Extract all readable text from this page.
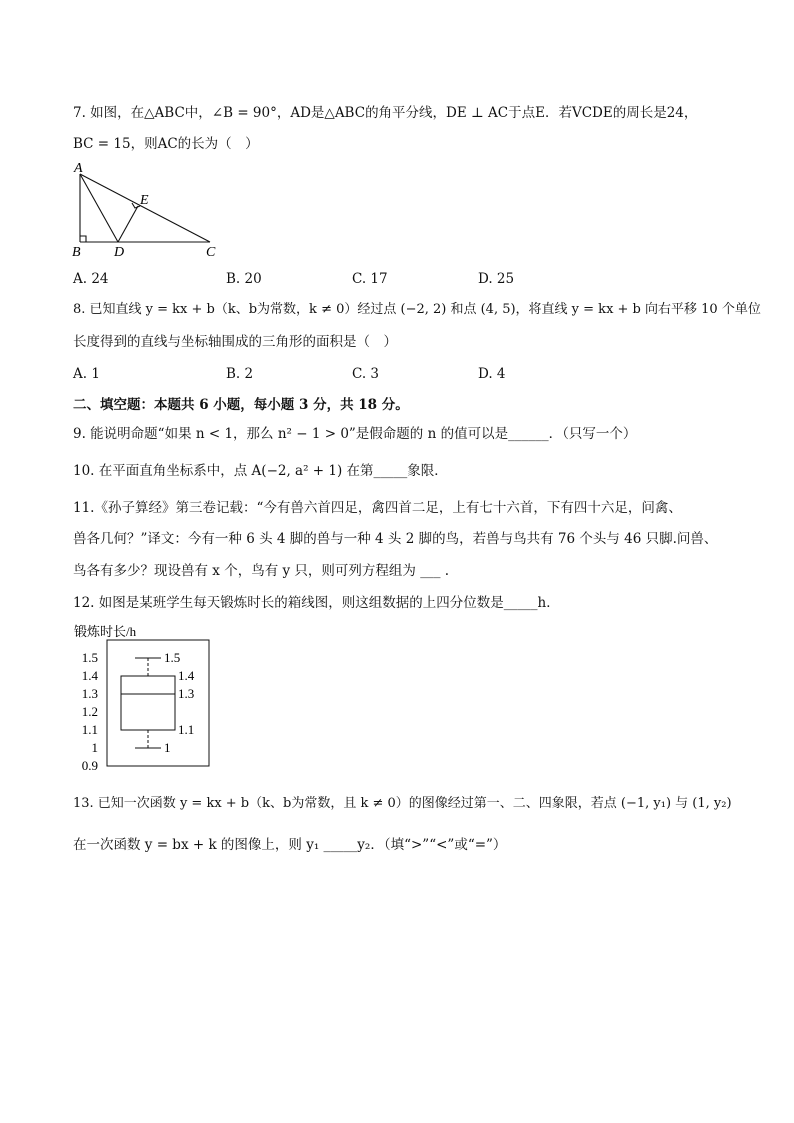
7. 如图，在△ABC中，∠B = 90°，AD是△ABC的角平分线，DE ⊥ AC于点E．若VCDE的周长是24，
BC = 15，则AC的长为（　）
A
B	C
D
E
A. 24	B. 20	C. 17	D. 25
8. 已知直线 y = kx + b（k、b为常数，k ≠ 0）经过点 (−2, 2) 和点 (4, 5)，将直线 y = kx + b 向右平移 10 个单位
长度得到的直线与坐标轴围成的三角形的面积是（　）
A. 1	B. 2	C. 3	D. 4
二、填空题：本题共 6 小题，每小题 3 分，共 18 分。
9. 能说明命题“如果 n < 1，那么 n² − 1 > 0”是假命题的 n 的值可以是______．（只写一个）
10. 在平面直角坐标系中，点 A(−2, a² + 1) 在第_____象限．
11.《孙子算经》第三卷记载：“今有兽六首四足，禽四首二足，上有七十六首，下有四十六足，问禽、
兽各几何？”译文：今有一种 6 头 4 脚的兽与一种 4 头 2 脚的鸟，若兽与鸟共有 76 个头与 46 只脚.问兽、
鸟各有多少？现设兽有 x 个，鸟有 y 只，则可列方程组为 ___ .
12. 如图是某班学生每天锻炼时长的箱线图，则这组数据的上四分位数是_____h．
锻炼时长/h
1.5
1.4
1.3
1.2
1.1
1
0.9
1.5
1.4
1.3
1.1
1
13. 已知一次函数 y = kx + b（k、b为常数，且 k ≠ 0）的图像经过第一、二、四象限，若点 (−1, y₁) 与 (1, y₂)
在一次函数 y = bx + k 的图像上，则 y₁ _____y₂．（填“>”“<”或“=”）
